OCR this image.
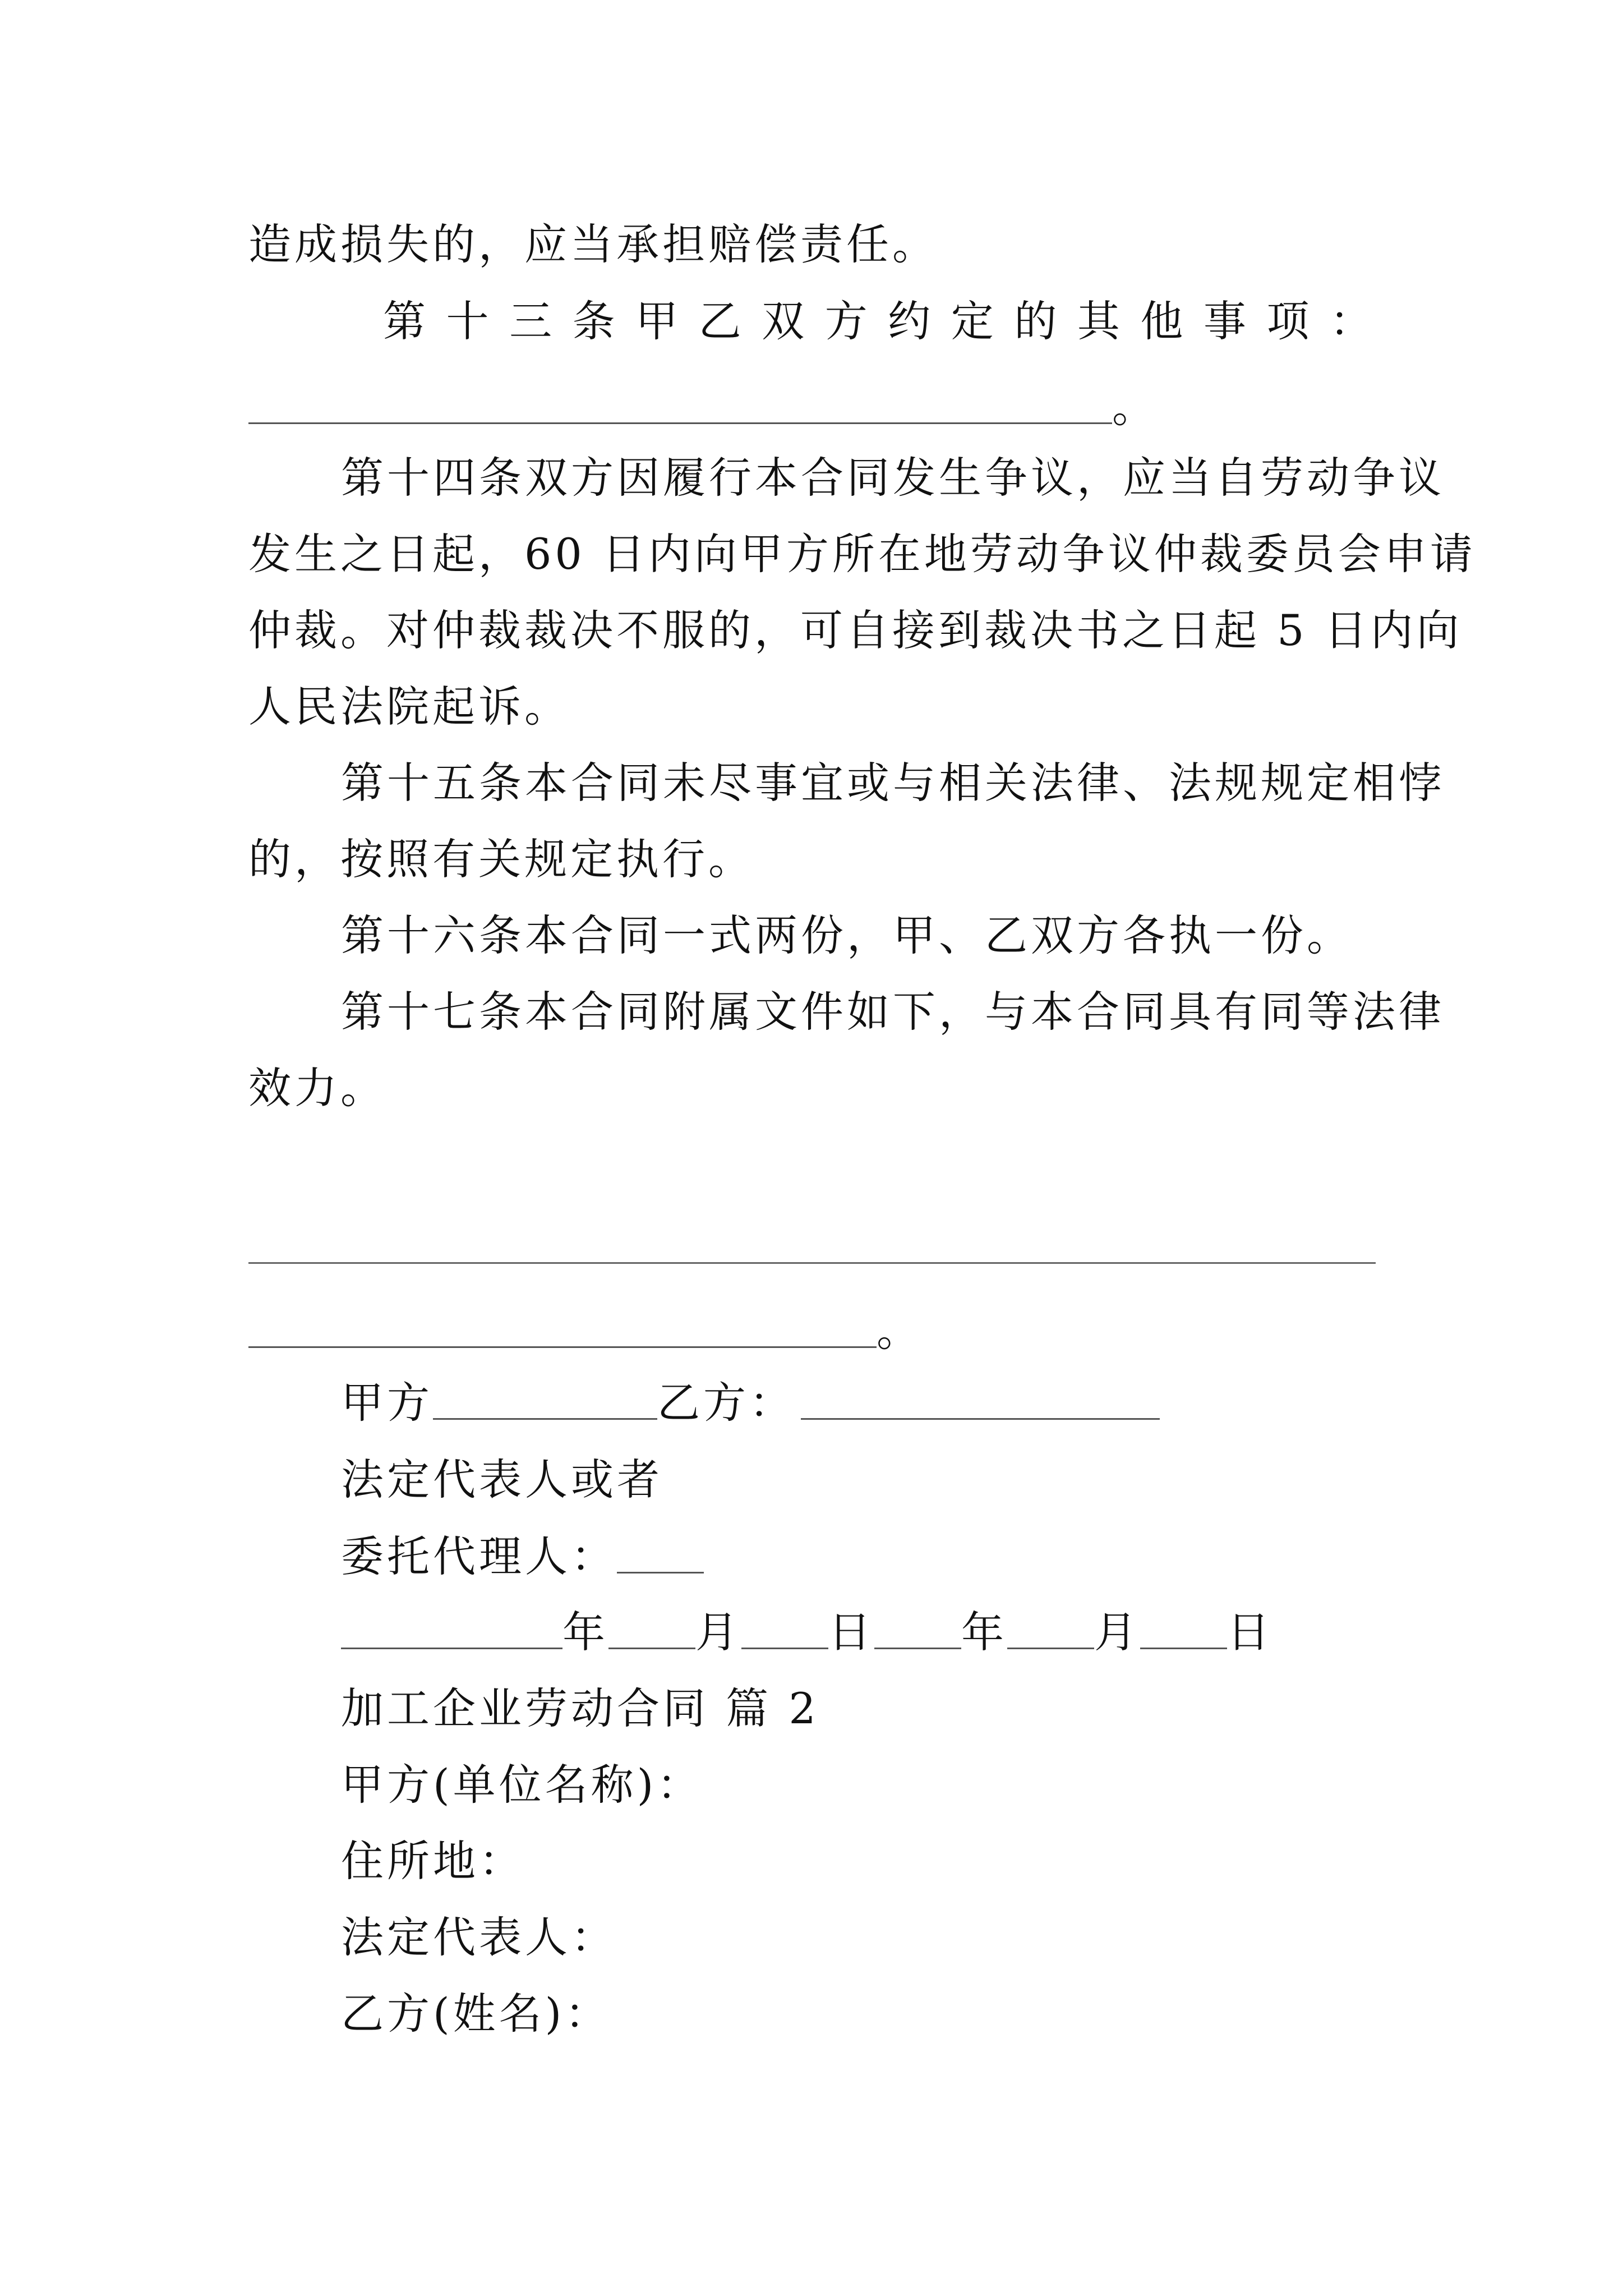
造成损失的，应当承担赔偿责任。
第 十 三 条 甲 乙 双 方 约 定 的 其 他 事 项 ：
。
第十四条双方因履行本合同发生争议，应当自劳动争议
发生之日起，60 日内向甲方所在地劳动争议仲裁委员会申请
仲裁。对仲裁裁决不服的，可自接到裁决书之日起 5 日内向
人民法院起诉。
第十五条本合同未尽事宜或与相关法律、法规规定相悖
的，按照有关规定执行。
第十六条本合同一式两份，甲、乙双方各执一份。
第十七条本合同附属文件如下，与本合同具有同等法律
效力。
。
甲方	乙方：
法定代表人或者
委托代理人：
年 月 日 年 月 日
加工企业劳动合同 篇 2
甲方(单位名称)：
住所地：
法定代表人：
乙方(姓名)：
